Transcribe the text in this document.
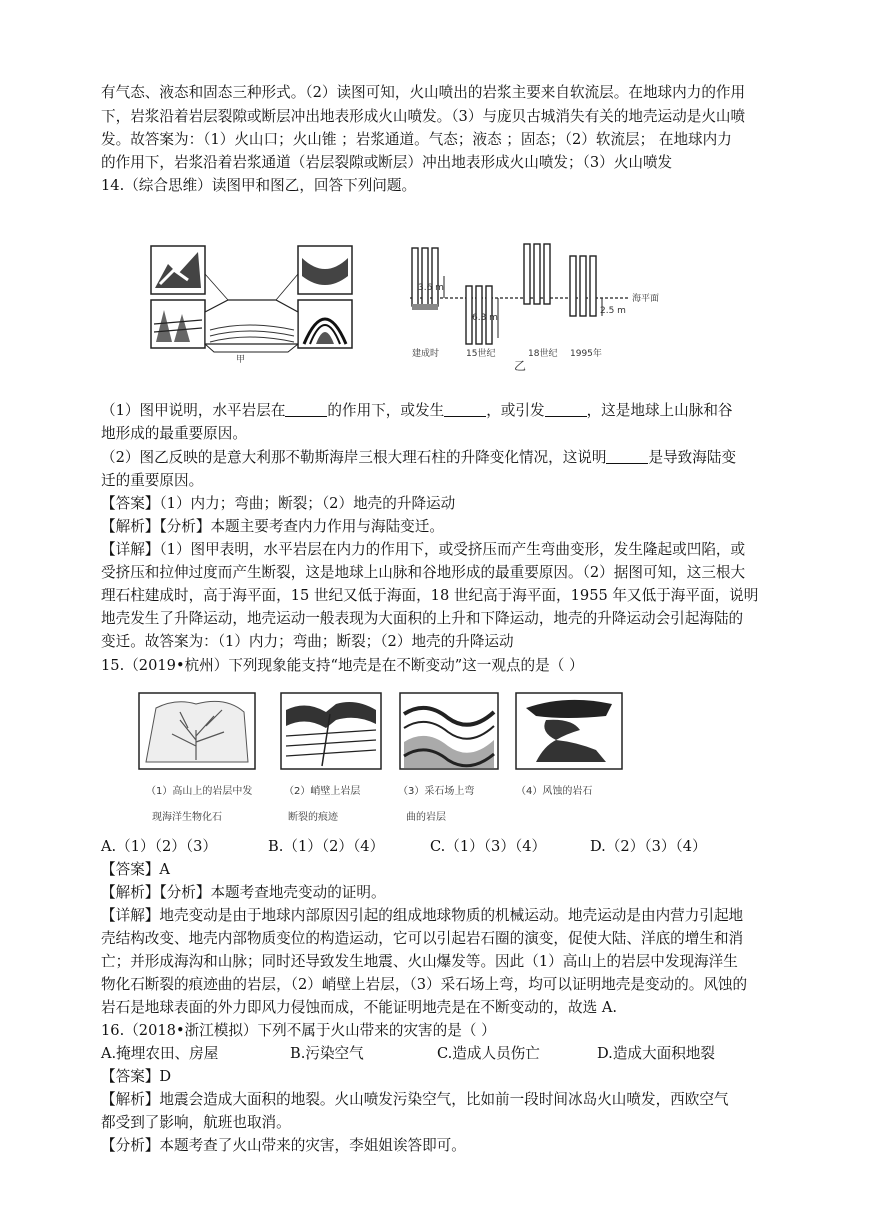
有气态、液态和固态三种形式。（2）读图可知，火山喷出的岩浆主要来自软流层。在地球内力的作用
下，岩浆沿着岩层裂隙或断层冲出地表形成火山喷发。（3）与庞贝古城消失有关的地壳运动是火山喷
发。故答案为：（1）火山口；火山锥 ；岩浆通道。气态；液态 ；固态；（2）软流层； 在地球内力
的作用下，岩浆沿着岩浆通道（岩层裂隙或断层）冲出地表形成火山喷发；（3）火山喷发
14.（综合思维）读图甲和图乙，回答下列问题。
甲
海平面
3.6 m
6.3 m
2.5 m
建成时	15世纪	18世纪 1995年
乙
（1）图甲说明，水平岩层在	的作用下，或发生	，或引发	，这是地球上山脉和谷
地形成的最重要原因。
（2）图乙反映的是意大利那不勒斯海岸三根大理石柱的升降变化情况，这说明	是导致海陆变
迁的重要原因。
【答案】（1）内力；弯曲；断裂；（2）地壳的升降运动
【解析】【分析】本题主要考查内力作用与海陆变迁。
【详解】（1）图甲表明，水平岩层在内力的作用下，或受挤压而产生弯曲变形，发生隆起或凹陷，或
受挤压和拉伸过度而产生断裂，这是地球上山脉和谷地形成的最重要原因。（2）据图可知，这三根大
理石柱建成时，高于海平面，15 世纪又低于海面，18 世纪高于海平面，1955 年又低于海平面，说明
地壳发生了升降运动，地壳运动一般表现为大面积的上升和下降运动，地壳的升降运动会引起海陆的
变迁。故答案为：（1）内力；弯曲；断裂；（2）地壳的升降运动
15.（2019•杭州）下列现象能支持“地壳是在不断变动”这一观点的是（ ）
（1）高山上的岩层中发
现海洋生物化石
（2）峭壁上岩层
断裂的痕迹
（3）采石场上弯
曲的岩层
（4）风蚀的岩石
A.（1）（2）（3）	B.（1）（2）（4）	C.（1）（3）（4）	D.（2）（3）（4）
【答案】A
【解析】【分析】本题考查地壳变动的证明。
【详解】地壳变动是由于地球内部原因引起的组成地球物质的机械运动。地壳运动是由内营力引起地
壳结构改变、地壳内部物质变位的构造运动，它可以引起岩石圈的演变，促使大陆、洋底的增生和消
亡；并形成海沟和山脉；同时还导致发生地震、火山爆发等。因此（1）高山上的岩层中发现海洋生
物化石断裂的痕迹曲的岩层，（2）峭壁上岩层，（3）采石场上弯，均可以证明地壳是变动的。风蚀的
岩石是地球表面的外力即风力侵蚀而成，不能证明地壳是在不断变动的，故选 A.
16.（2018•浙江模拟）下列不属于火山带来的灾害的是（ ）
A.掩埋农田、房屋	B.污染空气	C.造成人员伤亡	D.造成大面积地裂
【答案】D
【解析】地震会造成大面积的地裂。火山喷发污染空气，比如前一段时间冰岛火山喷发，西欧空气
都受到了影响，航班也取消。
【分析】本题考查了火山带来的灾害，李姐姐诶答即可。
